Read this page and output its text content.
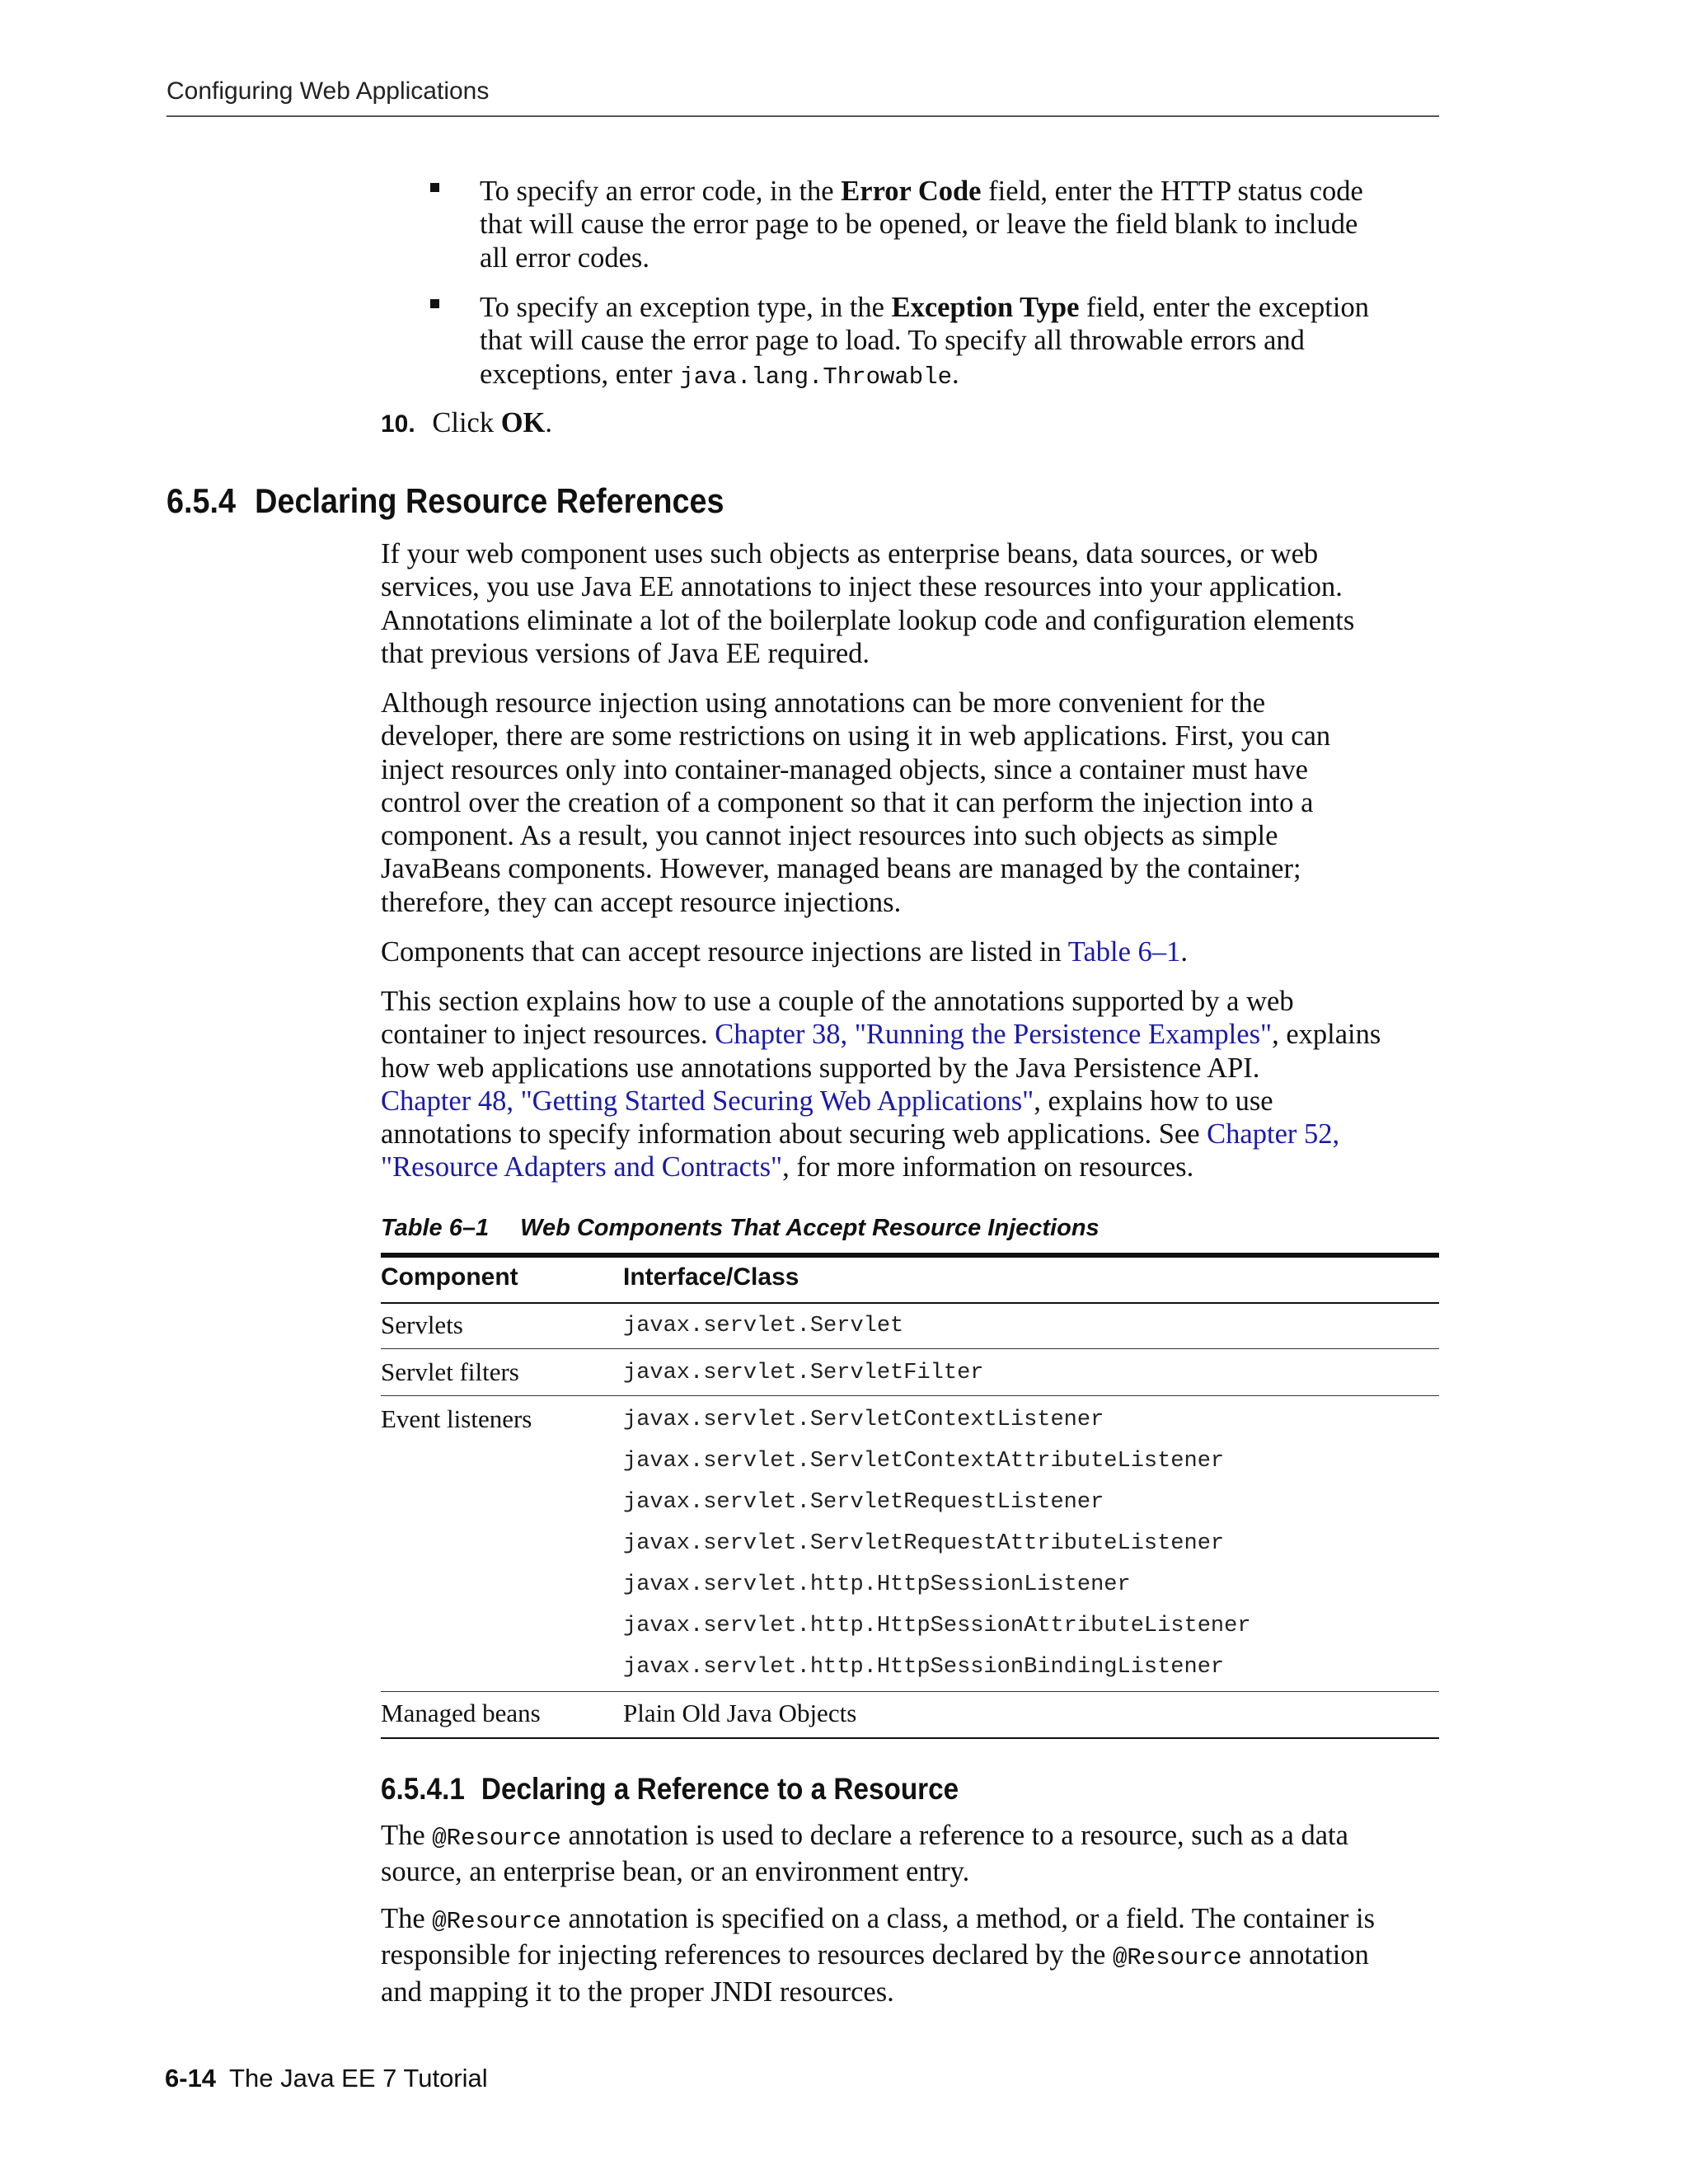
Configuring Web Applications
To specify an error code, in the Error Code field, enter the HTTP status code
that will cause the error page to be opened, or leave the field blank to include
all error codes.
To specify an exception type, in the Exception Type field, enter the exception
that will cause the error page to load. To specify all throwable errors and
exceptions, enter java.lang.Throwable.
10. Click OK.
6.5.4 Declaring Resource References
If your web component uses such objects as enterprise beans, data sources, or web
services, you use Java EE annotations to inject these resources into your application.
Annotations eliminate a lot of the boilerplate lookup code and configuration elements
that previous versions of Java EE required.
Although resource injection using annotations can be more convenient for the
developer, there are some restrictions on using it in web applications. First, you can
inject resources only into container-managed objects, since a container must have
control over the creation of a component so that it can perform the injection into a
component. As a result, you cannot inject resources into such objects as simple
JavaBeans components. However, managed beans are managed by the container;
therefore, they can accept resource injections.
Components that can accept resource injections are listed in Table 6–1.
This section explains how to use a couple of the annotations supported by a web
container to inject resources. Chapter 38, "Running the Persistence Examples", explains
how web applications use annotations supported by the Java Persistence API.
Chapter 48, "Getting Started Securing Web Applications", explains how to use
annotations to specify information about securing web applications. See Chapter 52,
"Resource Adapters and Contracts", for more information on resources.
Table 6–1 Web Components That Accept Resource Injections
Component	Interface/Class
Servlets	javax.servlet.Servlet
Servlet filters	javax.servlet.ServletFilter
Event listeners	javax.servlet.ServletContextListener
javax.servlet.ServletContextAttributeListener
javax.servlet.ServletRequestListener
javax.servlet.ServletRequestAttributeListener
javax.servlet.http.HttpSessionListener
javax.servlet.http.HttpSessionAttributeListener
javax.servlet.http.HttpSessionBindingListener
Managed beans	Plain Old Java Objects
6.5.4.1 Declaring a Reference to a Resource
The @Resource annotation is used to declare a reference to a resource, such as a data
source, an enterprise bean, or an environment entry.
The @Resource annotation is specified on a class, a method, or a field. The container is
responsible for injecting references to resources declared by the @Resource annotation
and mapping it to the proper JNDI resources.
6-14 The Java EE 7 Tutorial
